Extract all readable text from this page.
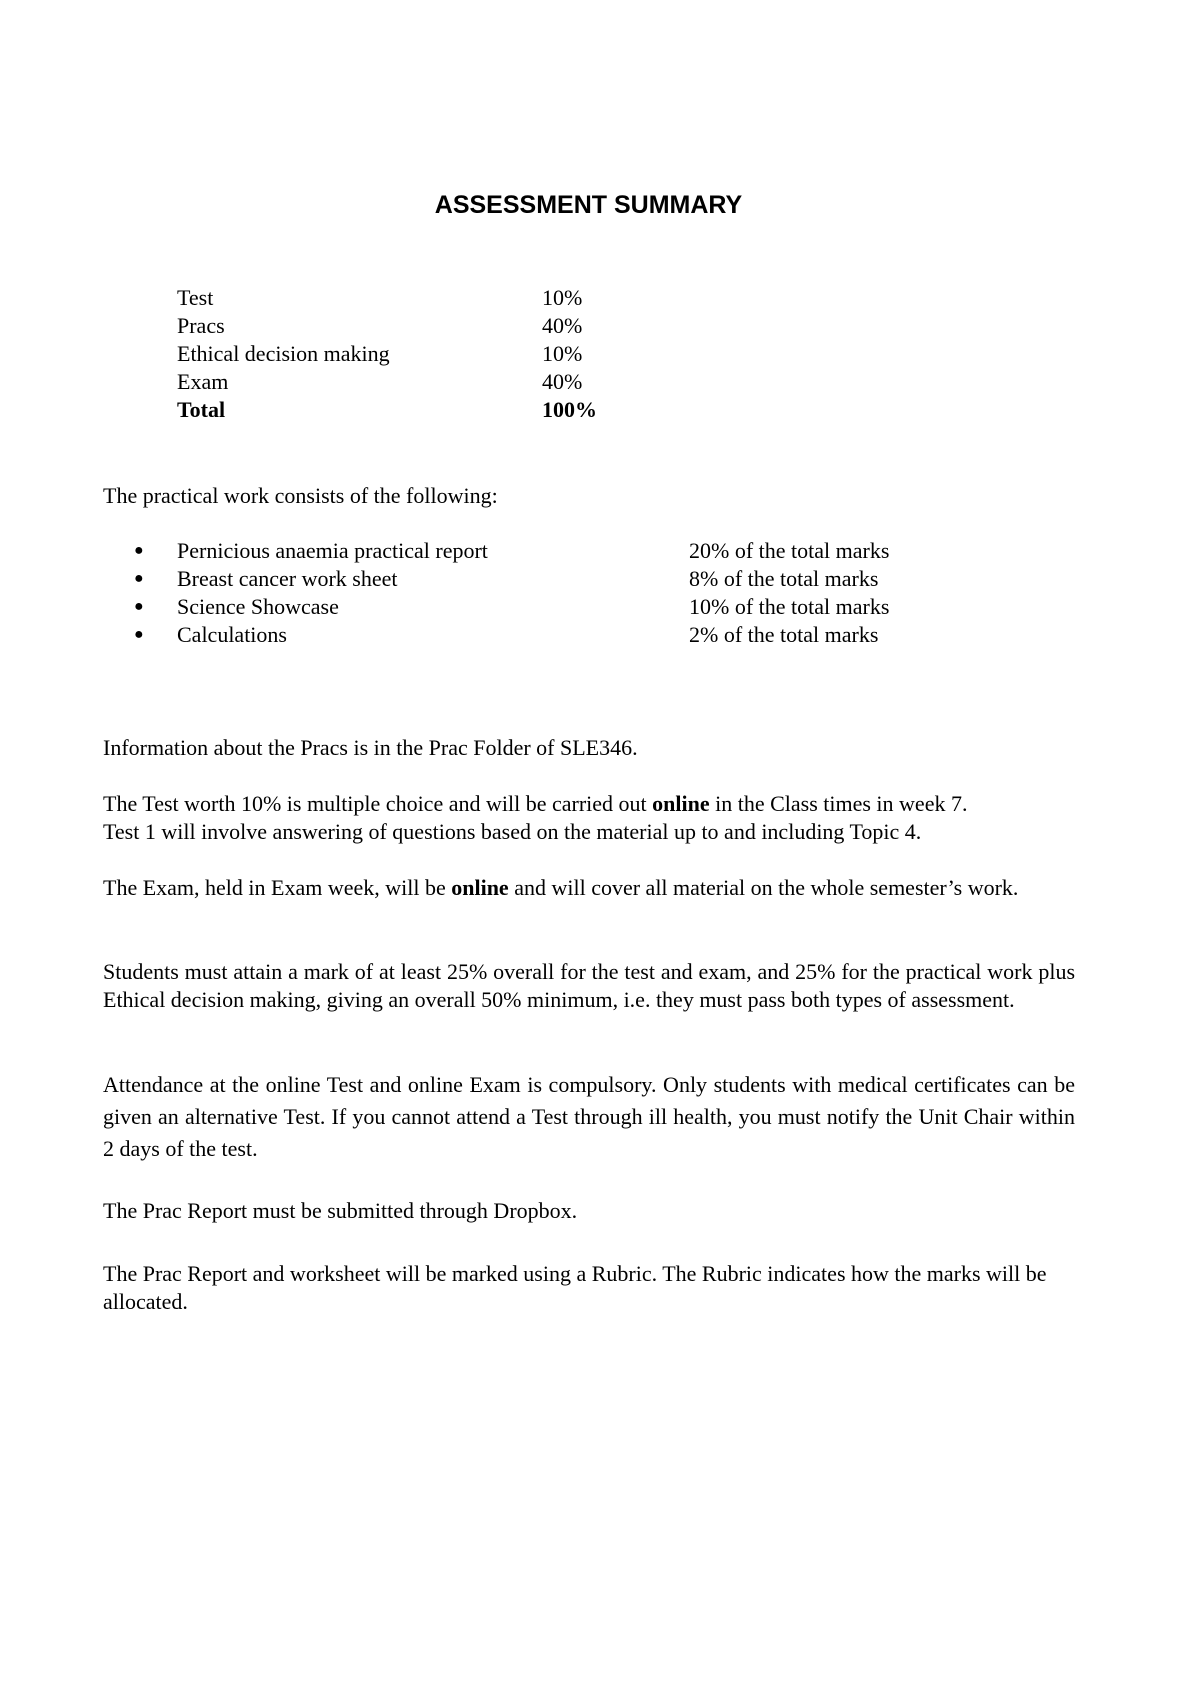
ASSESSMENT SUMMARY
Test	10%
Pracs	40%
Ethical decision making	10%
Exam	40%
Total	100%

The practical work consists of the following:

●	Pernicious anaemia practical report	20% of the total marks
●	Breast cancer work sheet	8% of the total marks
●	Science Showcase	10% of the total marks
●	Calculations	2% of the total marks

Information about the Pracs is in the Prac Folder of SLE346.

The Test worth 10% is multiple choice and will be carried out online in the Class times in week 7.
Test 1 will involve answering of questions based on the material up to and including Topic 4.

The Exam, held in Exam week, will be online and will cover all material on the whole semester’s work.

Students must attain a mark of at least 25% overall for the test and exam, and 25% for the practical work plus Ethical decision making, giving an overall 50% minimum, i.e. they must pass both types of assessment.

Attendance at the online Test and online Exam is compulsory. Only students with medical certificates can be given an alternative Test. If you cannot attend a Test through ill health, you must notify the Unit Chair within 2 days of the test.

The Prac Report must be submitted through Dropbox.

The Prac Report and worksheet will be marked using a Rubric. The Rubric indicates how the marks will be allocated.
